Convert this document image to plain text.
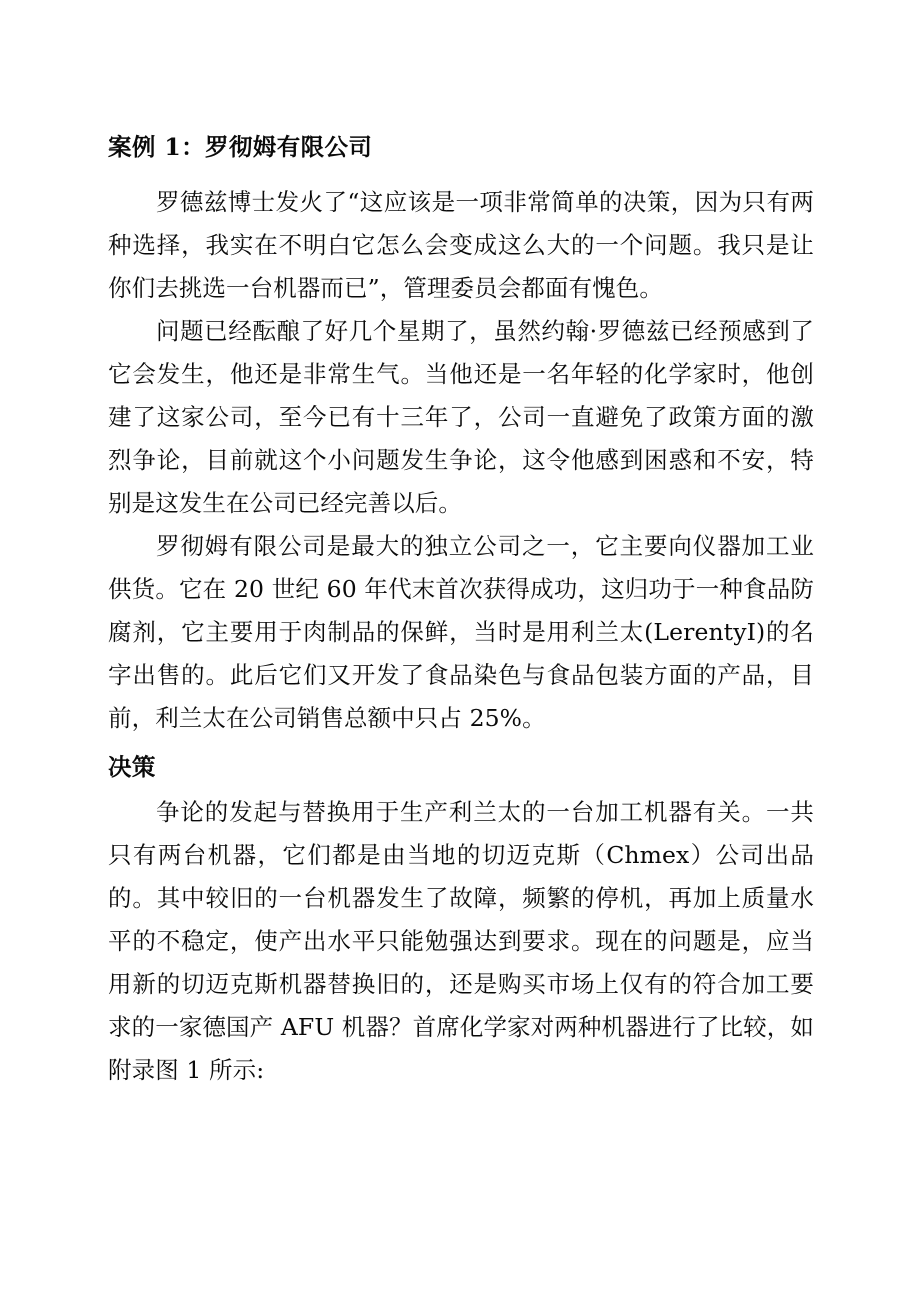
案例 1：罗彻姆有限公司

罗德兹博士发火了“这应该是一项非常简单的决策，因为只有两种选择，我实在不明白它怎么会变成这么大的一个问题。我只是让你们去挑选一台机器而已”，管理委员会都面有愧色。

问题已经酝酿了好几个星期了，虽然约翰·罗德兹已经预感到了它会发生，他还是非常生气。当他还是一名年轻的化学家时，他创建了这家公司，至今已有十三年了，公司一直避免了政策方面的激烈争论，目前就这个小问题发生争论，这令他感到困惑和不安，特别是这发生在公司已经完善以后。

罗彻姆有限公司是最大的独立公司之一，它主要向仪器加工业供货。它在 20 世纪 60 年代末首次获得成功，这归功于一种食品防腐剂，它主要用于肉制品的保鲜，当时是用利兰太(LerentyI)的名字出售的。此后它们又开发了食品染色与食品包装方面的产品，目前，利兰太在公司销售总额中只占 25%。

决策

争论的发起与替换用于生产利兰太的一台加工机器有关。一共只有两台机器，它们都是由当地的切迈克斯（Chmex）公司出品的。其中较旧的一台机器发生了故障，频繁的停机，再加上质量水平的不稳定，使产出水平只能勉强达到要求。现在的问题是，应当用新的切迈克斯机器替换旧的，还是购买市场上仅有的符合加工要求的一家德国产 AFU 机器？首席化学家对两种机器进行了比较，如附录图 1 所示:
